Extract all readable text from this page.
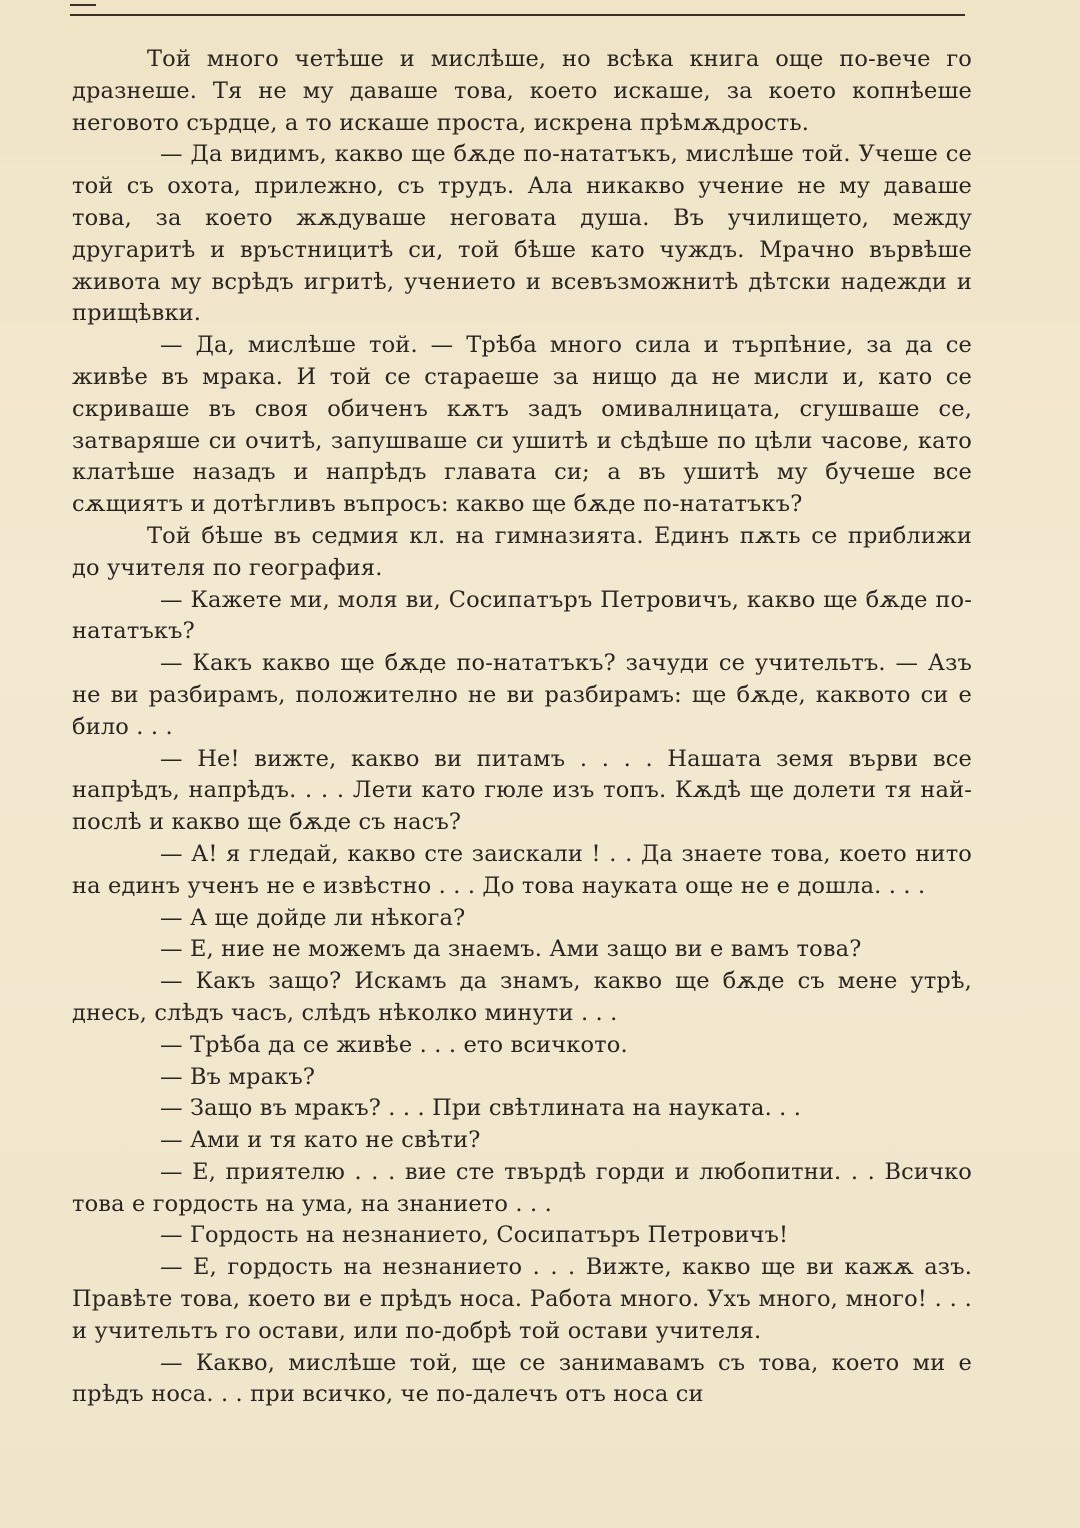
Той много четѣше и мислѣше, но всѣка книга още по-вече го дразнеше. Тя не му даваше това, което искаше, за което копнѣеше неговото сърдце, а то искаше проста, искрена прѣмѫдрость.

— Да видимъ, какво ще бѫде по-нататъкъ, мислѣше той. Учеше се той съ охота, прилежно, съ трудъ. Ала никакво учение не му даваше това, за което жѫдуваше неговата душа. Въ училището, между другаритѣ и връстницитѣ си, той бѣше като чуждъ. Мрачно вървѣше живота му всрѣдъ игритѣ, учението и всевъзможнитѣ дѣтски надежди и прищѣвки.

— Да, мислѣше той. — Трѣба много сила и търпѣние, за да се живѣе въ мрака. И той се стараеше за нищо да не мисли и, като се скриваше въ своя обиченъ кѫтъ задъ омивалницата, сгушваше се, затваряше си очитѣ, запушваше си ушитѣ и сѣдѣше по цѣли часове, като клатѣше назадъ и напрѣдъ главата си; а въ ушитѣ му бучеше все сѫщиятъ и дотѣгливъ въпросъ: какво ще бѫде по-нататъкъ?

Той бѣше въ седмия кл. на гимназията. Единъ пѫть се приближи до учителя по география.

— Кажете ми, моля ви, Сосипатъръ Петровичъ, какво ще бѫде по-нататъкъ?

— Какъ какво ще бѫде по-нататъкъ? зачуди се учительтъ. — Азъ не ви разбирамъ, положително не ви разбирамъ: ще бѫде, каквото си е било . . .

— Не! вижте, какво ви питамъ . . . . Нашата земя върви все напрѣдъ, напрѣдъ. . . . Лети като гюле изъ топъ. Кѫдѣ ще долети тя най-послѣ и какво ще бѫде съ насъ?

— А! я гледай, какво сте заискали ! . . Да знаете това, което нито на единъ ученъ не е извѣстно . . . До това науката още не е дошла. . . .

— А ще дойде ли нѣкога?

— Е, ние не можемъ да знаемъ. Ами защо ви е вамъ това?

— Какъ защо? Искамъ да знамъ, какво ще бѫде съ мене утрѣ, днесь, слѣдъ часъ, слѣдъ нѣколко минути . . .

— Трѣба да се живѣе . . . ето всичкото.

— Въ мракъ?

— Защо въ мракъ? . . . При свѣтлината на науката. . .

— Ами и тя като не свѣти?

— Е, приятелю . . . вие сте твърдѣ горди и любопитни. . . Всичко това е гордость на ума, на знанието . . .

— Гордость на незнанието, Сосипатъръ Петровичъ!

— Е, гордость на незнанието . . . Вижте, какво ще ви кажѫ азъ. Правѣте това, което ви е прѣдъ носа. Работа много. Ухъ много, много! . . . и учительтъ го остави, или по-добрѣ той остави учителя.

— Какво, мислѣше той, ще се занимавамъ съ това, което ми е прѣдъ носа. . . при всичко, че по-далечъ отъ носа си
